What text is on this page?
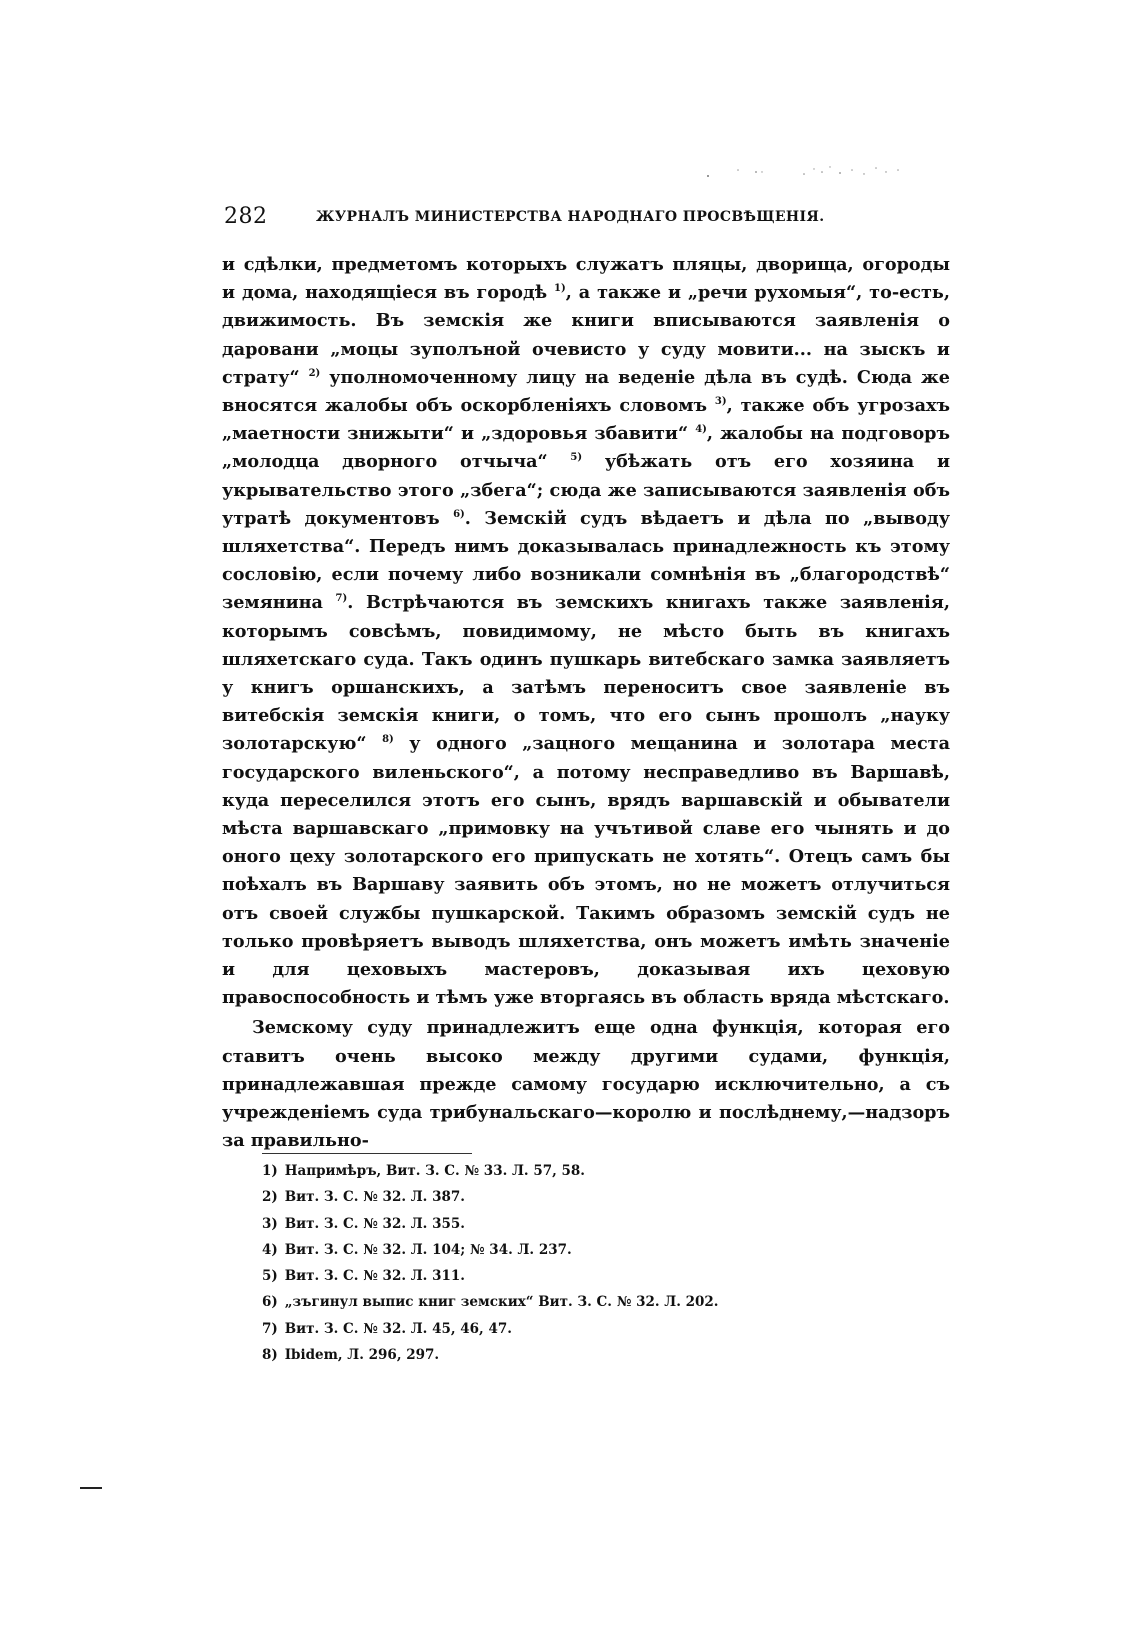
282	ЖУРНАЛЪ МИНИСТЕРСТВА НАРОДНАГО ПРОСВѢЩЕНІЯ.

и сдѣлки, предметомъ которыхъ служатъ пляцы, дворища, огороды и дома, находящіеся въ городѣ $^{1)}$, а также и „речи рухомыя“, то-есть, движимость. Въ земскія же книги вписываются заявленія о даровани „моцы зуполъной очевисто у суду мовити... на зыскъ и страту“ $^{2)}$ уполномоченному лицу на веденіе дѣла въ судѣ. Сюда же вносятся жалобы объ оскорбленіяхъ словомъ $^{3)}$, также объ угрозахъ „маетности знижыти“ и „здоровья збавити“ $^{4)}$, жалобы на подговоръ „молодца дворного отчыча“ $^{5)}$ убѣжать отъ его хозяина и укрывательство этого „збега“; сюда же записываются заявленія объ утратѣ документовъ $^{6)}$. Земскій судъ вѣдаетъ и дѣла по „выводу шляхетства“. Передъ нимъ доказывалась принадлежность къ этому сословію, если почему либо возникали сомнѣнія въ „благородствѣ“ земянина $^{7)}$. Встрѣчаются въ земскихъ книгахъ также заявленія, которымъ совсѣмъ, повидимому, не мѣсто быть въ книгахъ шляхетскаго суда. Такъ одинъ пушкарь витебскаго замка заявляетъ у книгъ оршанскихъ, а затѣмъ переноситъ свое заявленіе въ витебскія земскія книги, о томъ, что его сынъ прошолъ „науку золотарскую“ $^{8)}$ у одного „зацного мещанина и золотара места государского виленьского“, а потому несправедливо въ Варшавѣ, куда переселился этотъ его сынъ, врядъ варшавскій и обыватели мѣста варшавскаго „примовку на учътивой славе его чынять и до оного цеху золотарского его припускать не хотять“. Отецъ самъ бы поѣхалъ въ Варшаву заявить объ этомъ, но не можетъ отлучиться отъ своей службы пушкарской. Такимъ образомъ земскій судъ не только провѣряетъ выводъ шляхетства, онъ можетъ имѣть значеніе и для цеховыхъ мастеровъ, доказывая ихъ цеховую правоспособность и тѣмъ уже вторгаясь въ область вряда мѣстскаго.

Земскому суду принадлежитъ еще одна функція, которая его ставитъ очень высоко между другими судами, функція, принадлежавшая прежде самому государю исключительно, а съ учрежденіемъ суда трибунальскаго—королю и послѣднему,—надзоръ за правильно-

1) Напримѣръ, Вит. З. С. № 33. Л. 57, 58.
2) Вит. З. С. № 32. Л. 387.
3) Вит. З. С. № 32. Л. 355.
4) Вит. З. С. № 32. Л. 104; № 34. Л. 237.
5) Вит. З. С. № 32. Л. 311.
6) „зъгинул выпис книг земских“ Вит. З. С. № 32. Л. 202.
7) Вит. З. С. № 32. Л. 45, 46, 47.
8) Ibidem, Л. 296, 297.
